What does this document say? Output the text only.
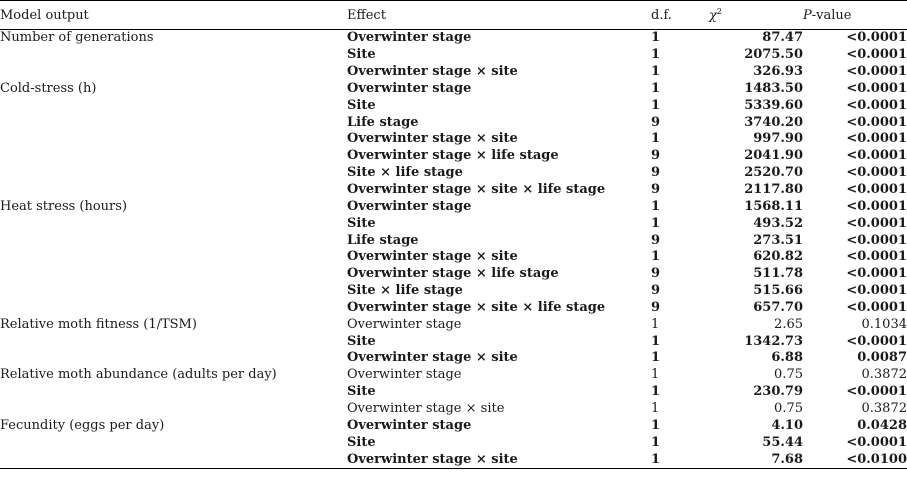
Model output	Effect	d.f.	$\chi^2$	P-value
Number of generations	Overwinter stage	1	87.47	<0.0001
	Site	1	2075.50	<0.0001
	Overwinter stage × site	1	326.93	<0.0001
Cold-stress (h)	Overwinter stage	1	1483.50	<0.0001
	Site	1	5339.60	<0.0001
	Life stage	9	3740.20	<0.0001
	Overwinter stage × site	1	997.90	<0.0001
	Overwinter stage × life stage	9	2041.90	<0.0001
	Site × life stage	9	2520.70	<0.0001
	Overwinter stage × site × life stage	9	2117.80	<0.0001
Heat stress (hours)	Overwinter stage	1	1568.11	<0.0001
	Site	1	493.52	<0.0001
	Life stage	9	273.51	<0.0001
	Overwinter stage × site	1	620.82	<0.0001
	Overwinter stage × life stage	9	511.78	<0.0001
	Site × life stage	9	515.66	<0.0001
	Overwinter stage × site × life stage	9	657.70	<0.0001
Relative moth fitness (1/TSM)	Overwinter stage	1	2.65	0.1034
	Site	1	1342.73	<0.0001
	Overwinter stage × site	1	6.88	0.0087
Relative moth abundance (adults per day)	Overwinter stage	1	0.75	0.3872
	Site	1	230.79	<0.0001
	Overwinter stage × site	1	0.75	0.3872
Fecundity (eggs per day)	Overwinter stage	1	4.10	0.0428
	Site	1	55.44	<0.0001
	Overwinter stage × site	1	7.68	<0.0100
